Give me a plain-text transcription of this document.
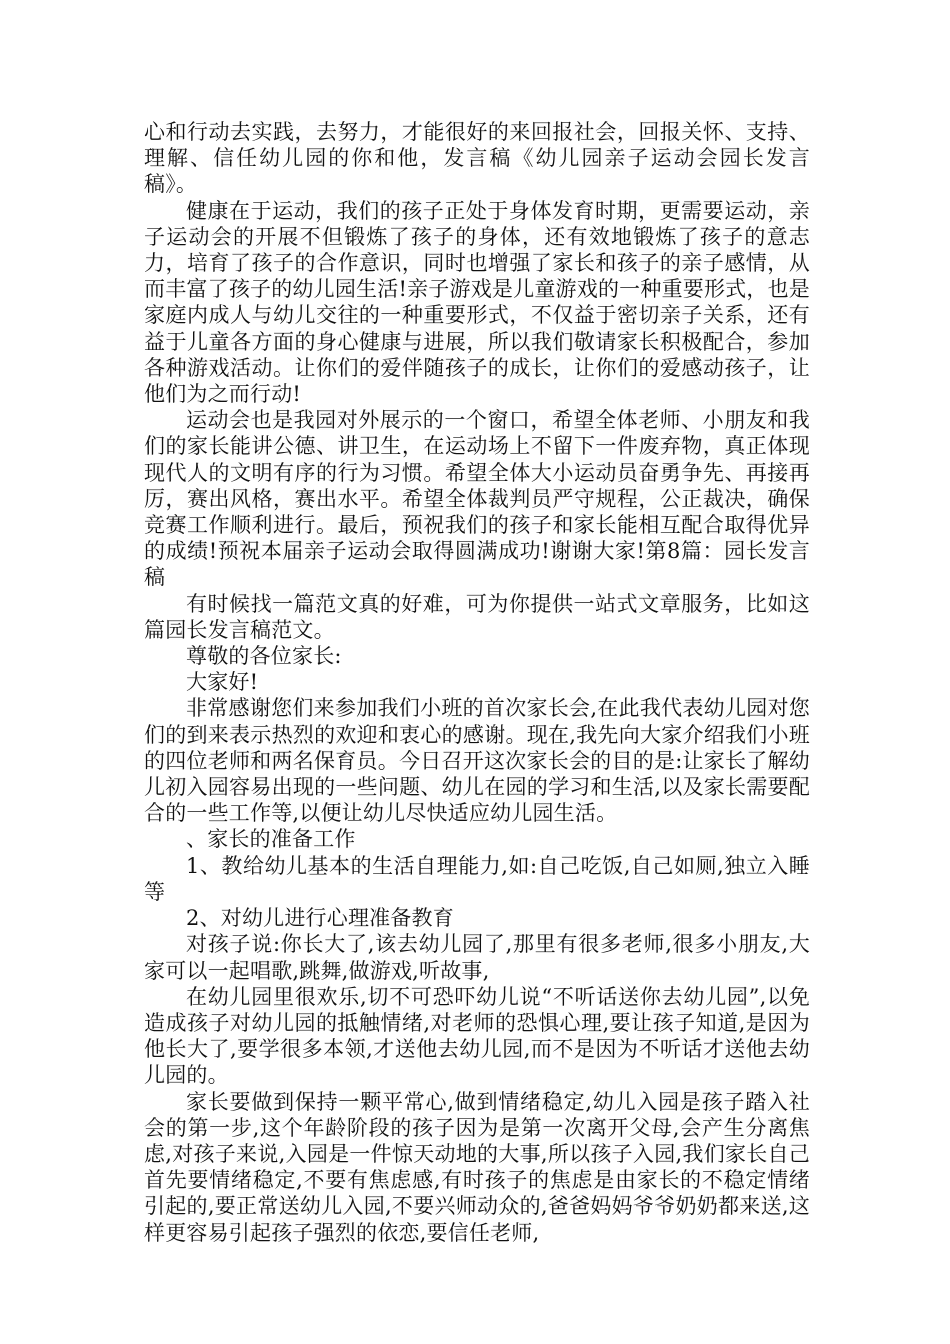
心和行动去实践，去努力，才能很好的来回报社会，回报关怀、支持、理解、信任幼儿园的你和他，发言稿《幼儿园亲子运动会园长发言稿》。

健康在于运动，我们的孩子正处于身体发育时期，更需要运动，亲子运动会的开展不但锻炼了孩子的身体，还有效地锻炼了孩子的意志力，培育了孩子的合作意识，同时也增强了家长和孩子的亲子感情，从而丰富了孩子的幼儿园生活!亲子游戏是儿童游戏的一种重要形式，也是家庭内成人与幼儿交往的一种重要形式，不仅益于密切亲子关系，还有益于儿童各方面的身心健康与进展，所以我们敬请家长积极配合，参加各种游戏活动。让你们的爱伴随孩子的成长，让你们的爱感动孩子，让他们为之而行动!

运动会也是我园对外展示的一个窗口，希望全体老师、小朋友和我们的家长能讲公德、讲卫生，在运动场上不留下一件废弃物，真正体现现代人的文明有序的行为习惯。希望全体大小运动员奋勇争先、再接再厉，赛出风格，赛出水平。希望全体裁判员严守规程，公正裁决，确保竞赛工作顺利进行。最后，预祝我们的孩子和家长能相互配合取得优异的成绩!预祝本届亲子运动会取得圆满成功!谢谢大家!第8篇：园长发言稿

有时候找一篇范文真的好难，可为你提供一站式文章服务，比如这篇园长发言稿范文。

尊敬的各位家长:

大家好!

非常感谢您们来参加我们小班的首次家长会,在此我代表幼儿园对您们的到来表示热烈的欢迎和衷心的感谢。现在,我先向大家介绍我们小班的四位老师和两名保育员。今日召开这次家长会的目的是:让家长了解幼儿初入园容易出现的一些问题、幼儿在园的学习和生活,以及家长需要配合的一些工作等,以便让幼儿尽快适应幼儿园生活。

、家长的准备工作

1、教给幼儿基本的生活自理能力,如:自己吃饭,自己如厕,独立入睡等

2、对幼儿进行心理准备教育

对孩子说:你长大了,该去幼儿园了,那里有很多老师,很多小朋友,大家可以一起唱歌,跳舞,做游戏,听故事,

在幼儿园里很欢乐,切不可恐吓幼儿说“不听话送你去幼儿园”,以免造成孩子对幼儿园的抵触情绪,对老师的恐惧心理,要让孩子知道,是因为他长大了,要学很多本领,才送他去幼儿园,而不是因为不听话才送他去幼儿园的。

家长要做到保持一颗平常心,做到情绪稳定,幼儿入园是孩子踏入社会的第一步,这个年龄阶段的孩子因为是第一次离开父母,会产生分离焦虑,对孩子来说,入园是一件惊天动地的大事,所以孩子入园,我们家长自己首先要情绪稳定,不要有焦虑感,有时孩子的焦虑是由家长的不稳定情绪引起的,要正常送幼儿入园,不要兴师动众的,爸爸妈妈爷爷奶奶都来送,这样更容易引起孩子强烈的依恋,要信任老师,
